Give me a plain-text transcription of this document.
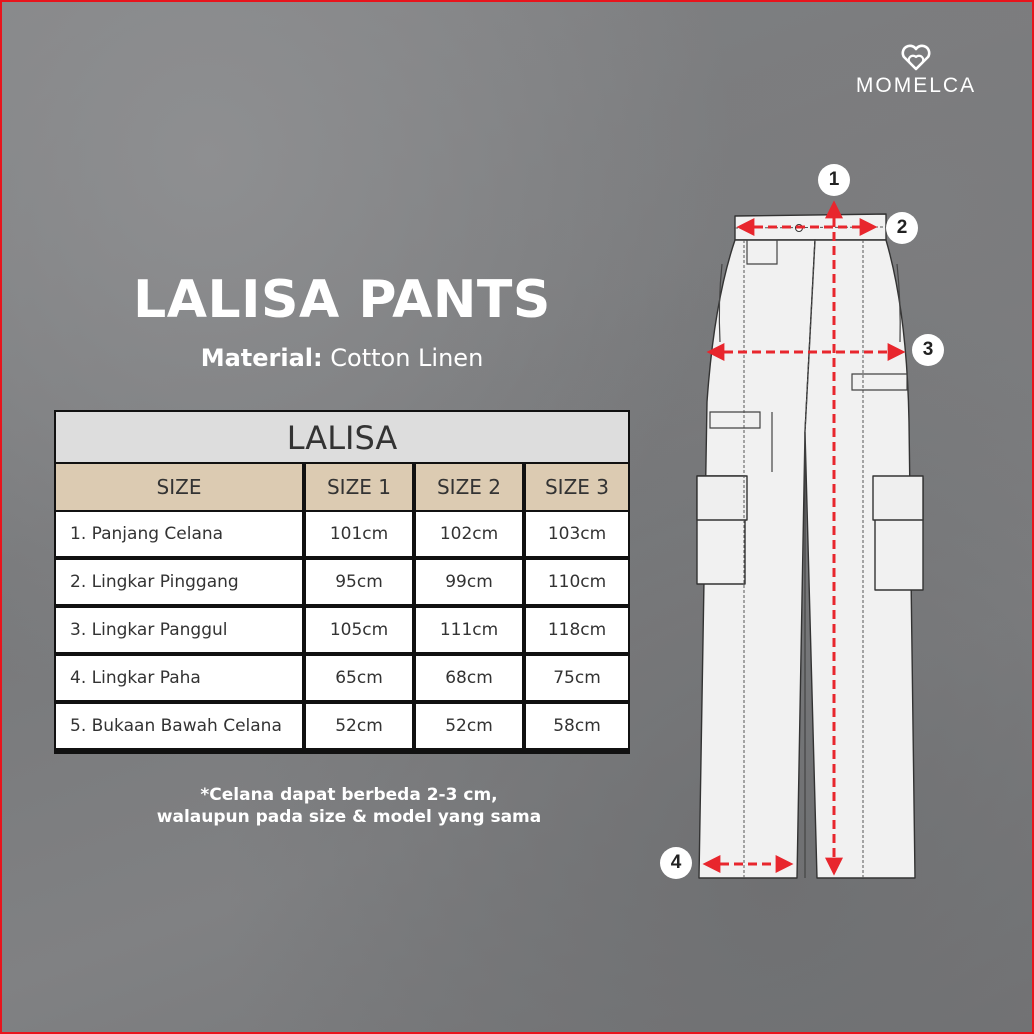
MOMELCA
LALISA PANTS
Material: Cotton Linen
LALISA
SIZE	SIZE 1	SIZE 2	SIZE 3
1. Panjang Celana	101cm	102cm	103cm
2. Lingkar Pinggang	95cm	99cm	110cm
3. Lingkar Panggul	105cm	111cm	118cm
4. Lingkar Paha	65cm	68cm	75cm
5. Bukaan Bawah Celana	52cm	52cm	58cm
*Celana dapat berbeda 2-3 cm,
walaupun pada size & model yang sama
1
2
3
4
